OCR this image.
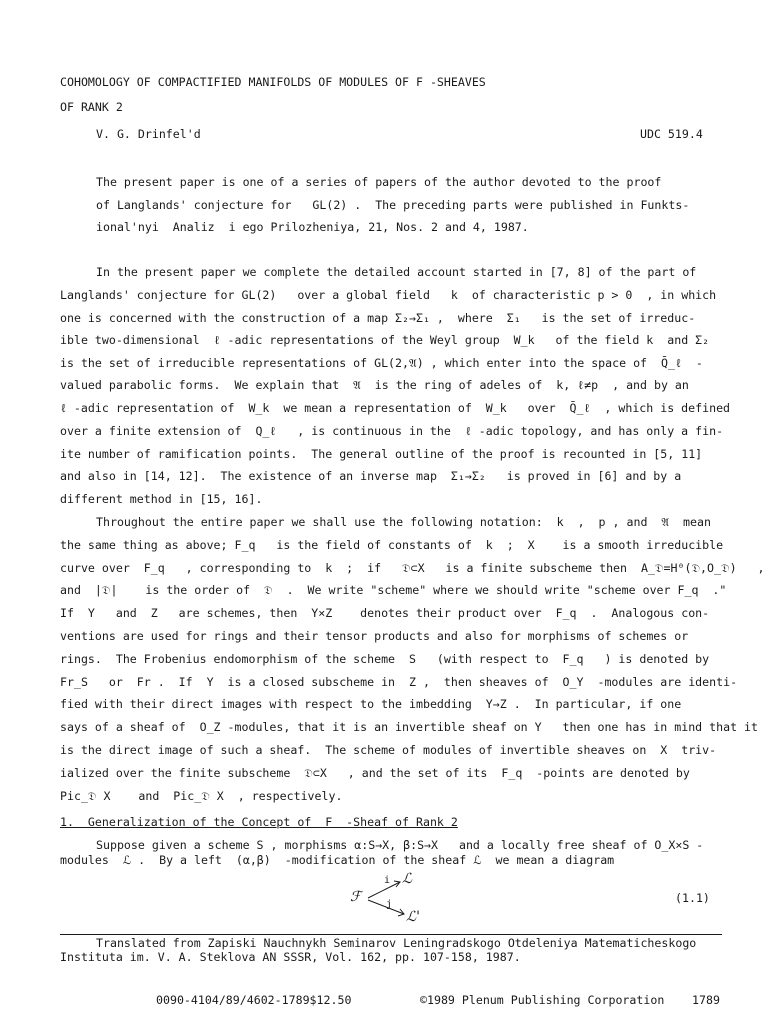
COHOMOLOGY OF COMPACTIFIED MANIFOLDS OF MODULES OF F -SHEAVES

OF RANK 2

V. G. Drinfel'd	UDC 519.4

The present paper is one of a series of papers of the author devoted to the proof

of Langlands' conjecture for   GL(2) .  The preceding parts were published in Funkts-

ional'nyi  Analiz  i ego Prilozheniya, 21, Nos. 2 and 4, 1987.

In the present paper we complete the detailed account started in [7, 8] of the part of

Langlands' conjecture for GL(2)   over a global field   k  of characteristic p > 0  , in which

one is concerned with the construction of a map Σ₂→Σ₁ ,  where  Σ₁   is the set of irreduc-

ible two-dimensional  ℓ -adic representations of the Weyl group  W_k   of the field k  and Σ₂

is the set of irreducible representations of GL(2,𝔄) , which enter into the space of  Q̄_ℓ  -

valued parabolic forms.  We explain that  𝔄  is the ring of adeles of  k, ℓ≠p  , and by an

ℓ -adic representation of  W_k  we mean a representation of  W_k   over  Q̄_ℓ  , which is defined

over a finite extension of  Q_ℓ   , is continuous in the  ℓ -adic topology, and has only a fin-

ite number of ramification points.  The general outline of the proof is recounted in [5, 11]

and also in [14, 12].  The existence of an inverse map  Σ₁→Σ₂   is proved in [6] and by a

different method in [15, 16].

Throughout the entire paper we shall use the following notation:  k  ,  p , and  𝔄  mean

the same thing as above; F_q   is the field of constants of  k  ;  X    is a smooth irreducible

curve over  F_q   , corresponding to  k  ;  if   𝔇⊂X   is a finite subscheme then  A_𝔇=H⁰(𝔇,O_𝔇)   ,

and  |𝔇|    is the order of  𝔇  .  We write "scheme" where we should write "scheme over F_q  ."

If  Y   and  Z   are schemes, then  Y×Z    denotes their product over  F_q  .  Analogous con-

ventions are used for rings and their tensor products and also for morphisms of schemes or

rings.  The Frobenius endomorphism of the scheme  S   (with respect to  F_q   ) is denoted by

Fr_S   or  Fr .  If  Y  is a closed subscheme in  Z ,  then sheaves of  O_Y  -modules are identi-

fied with their direct images with respect to the imbedding  Y→Z .  In particular, if one

says of a sheaf of  O_Z -modules, that it is an invertible sheaf on Y   then one has in mind that it

is the direct image of such a sheaf.  The scheme of modules of invertible sheaves on  X  triv-

ialized over the finite subscheme  𝔇⊂X   , and the set of its  F_q  -points are denoted by

Pic_𝔇 X    and  Pic_𝔇 X  , respectively.

1.  Generalization of the Concept of  F  -Sheaf of Rank 2

Suppose given a scheme S , morphisms α:S→X, β:S→X   and a locally free sheaf of O_X×S -

modules  ℒ .  By a left  (α,β)  -modification of the sheaf ℒ  we mean a diagram

ℱ
ℒ
ℒ'
i
j	(1.1)

Translated from Zapiski Nauchnykh Seminarov Leningradskogo Otdeleniya Matematicheskogo

Instituta im. V. A. Steklova AN SSSR, Vol. 162, pp. 107-158, 1987.

0090-4104/89/4602-1789$12.50	©1989 Plenum Publishing Corporation 1789
